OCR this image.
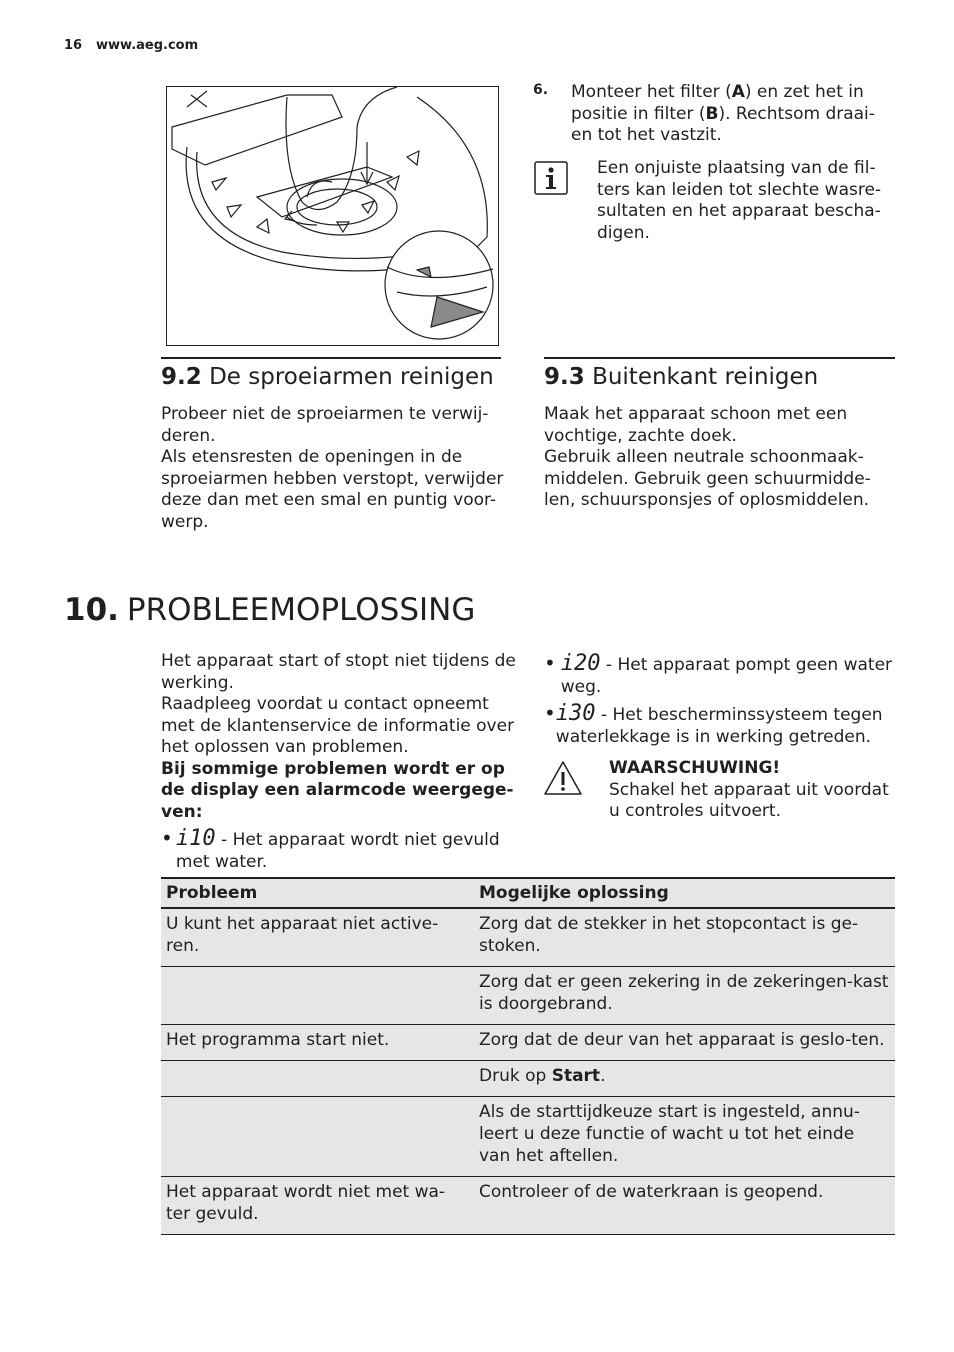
16 www.aeg.com
6. Monteer het filter (A) en zet het in positie in filter (B). Rechtsom draai-en tot het vastzit.
Een onjuiste plaatsing van de fil-ters kan leiden tot slechte wasre-sultaten en het apparaat bescha-digen.
9.2 De sproeiarmen reinigen
Probeer niet de sproeiarmen te verwij-deren.
Als etensresten de openingen in de sproeiarmen hebben verstopt, verwijder deze dan met een smal en puntig voor-werp.
9.3 Buitenkant reinigen
Maak het apparaat schoon met een vochtige, zachte doek.
Gebruik alleen neutrale schoonmaak-middelen. Gebruik geen schuurmidde-len, schuursponsjes of oplosmiddelen.
10. PROBLEEMOPLOSSING
Het apparaat start of stopt niet tijdens de werking.
Raadpleeg voordat u contact opneemt met de klantenservice de informatie over het oplossen van problemen.
Bij sommige problemen wordt er op de display een alarmcode weergege-ven:
• i10 - Het apparaat wordt niet gevuld met water.
• i20 - Het apparaat pompt geen water weg.
• i30 - Het bescherminssysteem tegen waterlekkage is in werking getreden.
WAARSCHUWING!
Schakel het apparaat uit voordat u controles uitvoert.
Probleem	Mogelijke oplossing
U kunt het apparaat niet active-ren.	Zorg dat de stekker in het stopcontact is ge-stoken.
	Zorg dat er geen zekering in de zekeringen-kast is doorgebrand.
Het programma start niet.	Zorg dat de deur van het apparaat is geslo-ten.
	Druk op Start.
	Als de starttijdkeuze start is ingesteld, annu-leert u deze functie of wacht u tot het einde van het aftellen.
Het apparaat wordt niet met wa-ter gevuld.	Controleer of de waterkraan is geopend.
